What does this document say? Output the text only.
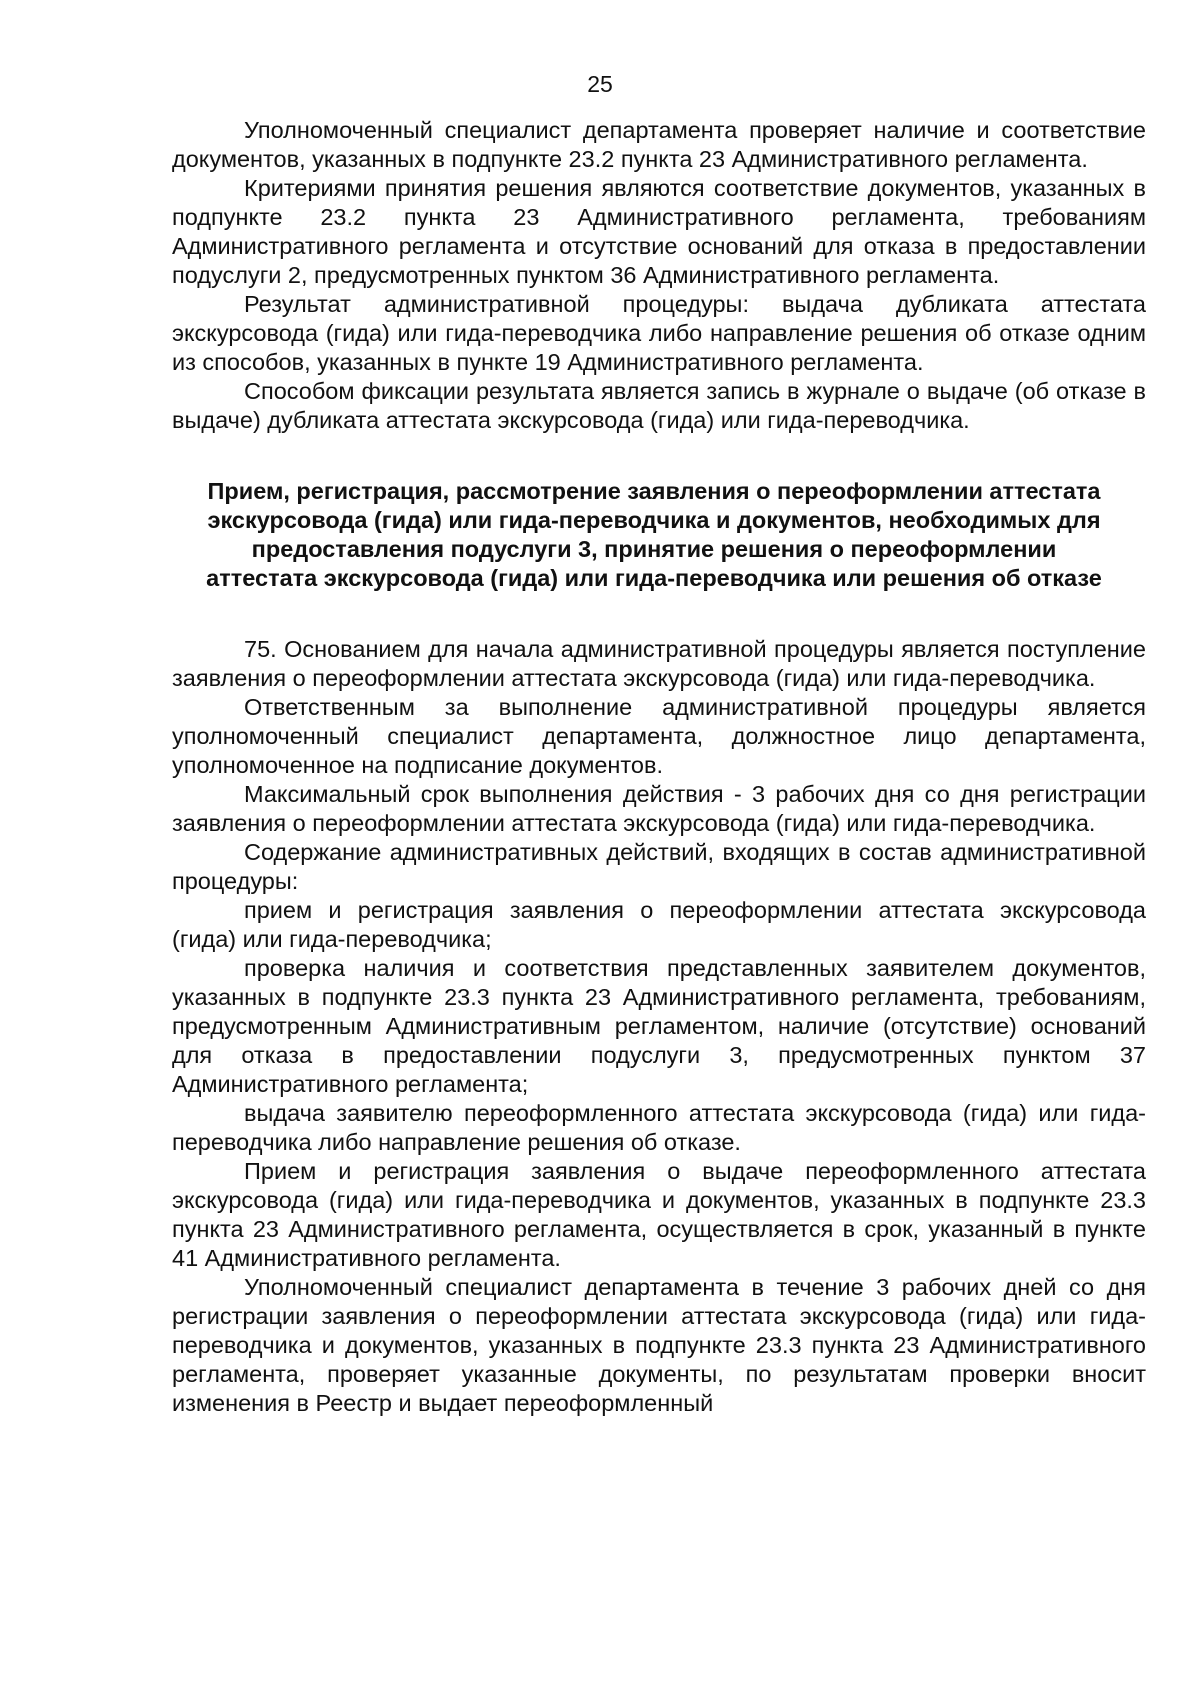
25

Уполномоченный специалист департамента проверяет наличие и соответствие документов, указанных в подпункте 23.2 пункта 23 Административного регламента.

Критериями принятия решения являются соответствие документов, указанных в подпункте 23.2 пункта 23 Административного регламента, требованиям Административного регламента и отсутствие оснований для отказа в предоставлении подуслуги 2, предусмотренных пунктом 36 Административного регламента.

Результат административной процедуры: выдача дубликата аттестата экскурсовода (гида) или гида-переводчика либо направление решения об отказе одним из способов, указанных в пункте 19 Административного регламента.

Способом фиксации результата является запись в журнале о выдаче (об отказе в выдаче) дубликата аттестата экскурсовода (гида) или гида-переводчика.

Прием, регистрация, рассмотрение заявления о переоформлении аттестата экскурсовода (гида) или гида-переводчика и документов, необходимых для предоставления подуслуги 3, принятие решения о переоформлении аттестата экскурсовода (гида) или гида-переводчика или решения об отказе

75. Основанием для начала административной процедуры является поступление заявления о переоформлении аттестата экскурсовода (гида) или гида-переводчика.

Ответственным за выполнение административной процедуры является уполномоченный специалист департамента, должностное лицо департамента, уполномоченное на подписание документов.

Максимальный срок выполнения действия - 3 рабочих дня со дня регистрации заявления о переоформлении аттестата экскурсовода (гида) или гида-переводчика.

Содержание административных действий, входящих в состав административной процедуры:

прием и регистрация заявления о переоформлении аттестата экскурсовода (гида) или гида-переводчика;

проверка наличия и соответствия представленных заявителем документов, указанных в подпункте 23.3 пункта 23 Административного регламента, требованиям, предусмотренным Административным регламентом, наличие (отсутствие) оснований для отказа в предоставлении подуслуги 3, предусмотренных пунктом 37 Административного регламента;

выдача заявителю переоформленного аттестата экскурсовода (гида) или гида-переводчика либо направление решения об отказе.

Прием и регистрация заявления о выдаче переоформленного аттестата экскурсовода (гида) или гида-переводчика и документов, указанных в подпункте 23.3 пункта 23 Административного регламента, осуществляется в срок, указанный в пункте 41 Административного регламента.

Уполномоченный специалист департамента в течение 3 рабочих дней со дня регистрации заявления о переоформлении аттестата экскурсовода (гида) или гида-переводчика и документов, указанных в подпункте 23.3 пункта 23 Административного регламента, проверяет указанные документы, по результатам проверки вносит изменения в Реестр и выдает переоформленный
